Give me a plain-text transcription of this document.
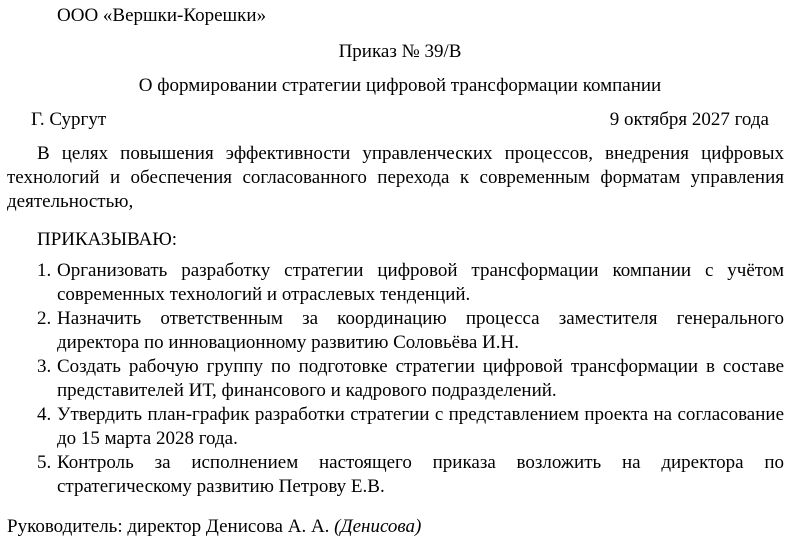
ООО «Вершки-Корешки»
Приказ № 39/В
О формировании стратегии цифровой трансформации компании
Г. Сургут	9 октября 2027 года
В целях повышения эффективности управленческих процессов, внедрения цифровых технологий и обеспечения согласованного перехода к современным форматам управления деятельностью,
ПРИКАЗЫВАЮ:
1. Организовать разработку стратегии цифровой трансформации компании с учётом современных технологий и отраслевых тенденций.
2. Назначить ответственным за координацию процесса заместителя генерального директора по инновационному развитию Соловьёва И.Н.
3. Создать рабочую группу по подготовке стратегии цифровой трансформации в составе представителей ИТ, финансового и кадрового подразделений.
4. Утвердить план-график разработки стратегии с представлением проекта на согласование до 15 марта 2028 года.
5. Контроль за исполнением настоящего приказа возложить на директора по стратегическому развитию Петрову Е.В.
Руководитель: директор Денисова А. А. (Денисова)
